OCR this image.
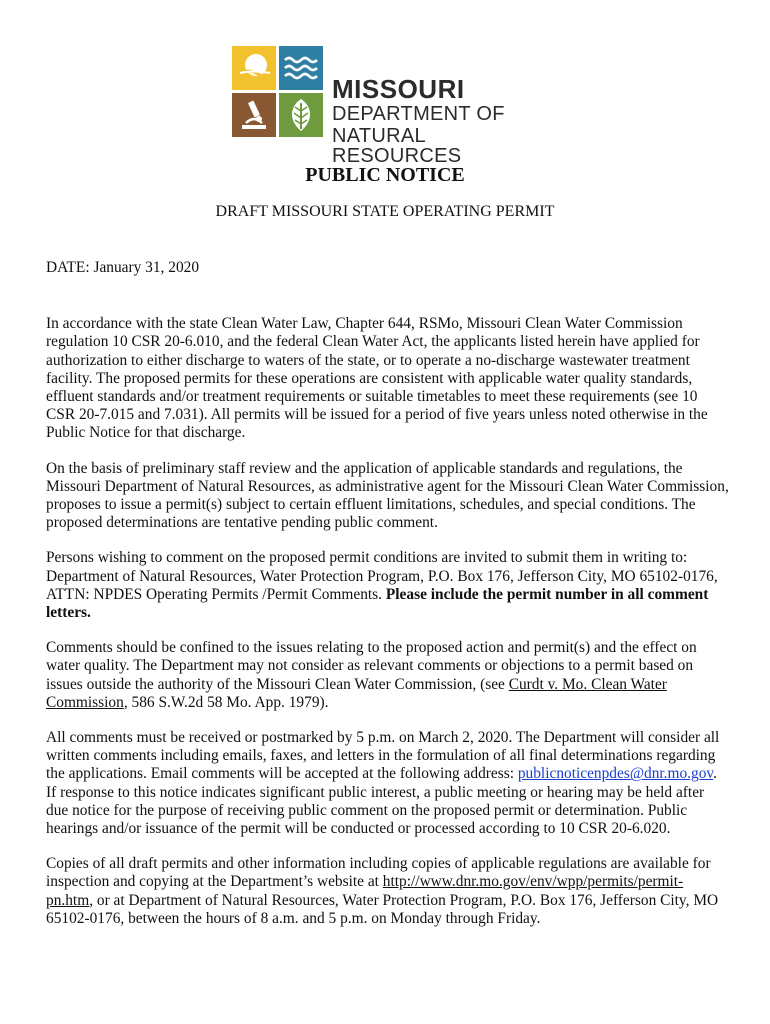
MISSOURI
DEPARTMENT OF
NATURAL RESOURCES
PUBLIC NOTICE
DRAFT MISSOURI STATE OPERATING PERMIT

DATE: January 31, 2020

In accordance with the state Clean Water Law, Chapter 644, RSMo, Missouri Clean Water Commission regulation 10 CSR 20-6.010, and the federal Clean Water Act, the applicants listed herein have applied for authorization to either discharge to waters of the state, or to operate a no-discharge wastewater treatment facility. The proposed permits for these operations are consistent with applicable water quality standards, effluent standards and/or treatment requirements or suitable timetables to meet these requirements (see 10 CSR 20-7.015 and 7.031). All permits will be issued for a period of five years unless noted otherwise in the Public Notice for that discharge.

On the basis of preliminary staff review and the application of applicable standards and regulations, the Missouri Department of Natural Resources, as administrative agent for the Missouri Clean Water Commission, proposes to issue a permit(s) subject to certain effluent limitations, schedules, and special conditions. The proposed determinations are tentative pending public comment.

Persons wishing to comment on the proposed permit conditions are invited to submit them in writing to: Department of Natural Resources, Water Protection Program, P.O. Box 176, Jefferson City, MO 65102-0176, ATTN: NPDES Operating Permits /Permit Comments. Please include the permit number in all comment letters.

Comments should be confined to the issues relating to the proposed action and permit(s) and the effect on water quality. The Department may not consider as relevant comments or objections to a permit based on issues outside the authority of the Missouri Clean Water Commission, (see Curdt v. Mo. Clean Water Commission, 586 S.W.2d 58 Mo. App. 1979).

All comments must be received or postmarked by 5 p.m. on March 2, 2020. The Department will consider all written comments including emails, faxes, and letters in the formulation of all final determinations regarding the applications. Email comments will be accepted at the following address: publicnoticenpdes@dnr.mo.gov. If response to this notice indicates significant public interest, a public meeting or hearing may be held after due notice for the purpose of receiving public comment on the proposed permit or determination. Public hearings and/or issuance of the permit will be conducted or processed according to 10 CSR 20-6.020.

Copies of all draft permits and other information including copies of applicable regulations are available for inspection and copying at the Department’s website at http://www.dnr.mo.gov/env/wpp/permits/permit-pn.htm, or at Department of Natural Resources, Water Protection Program, P.O. Box 176, Jefferson City, MO 65102-0176, between the hours of 8 a.m. and 5 p.m. on Monday through Friday.
